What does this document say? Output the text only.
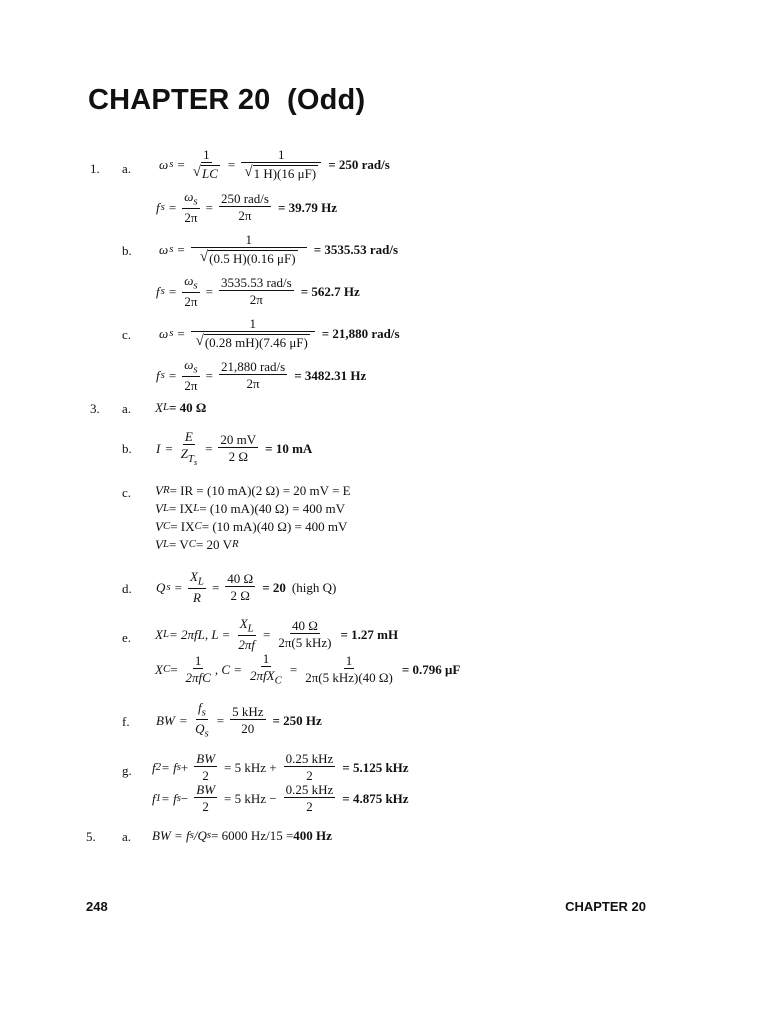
CHAPTER 20  (Odd)
1. a. ω $s = \frac{1}{√ LC} = \frac{1}{√ 1 H)(16 \mu F)} = 250$ rad/s
f $s = \frac{\omega_s}{2\pi} = \frac{\text{250 rad/s}}{2\pi} = 39.79$ Hz
b. ω $s = \frac{1}{√ (0.5 H)(0.16 \mu F)} = 3535.53$ rad/s
f $s = \frac{\omega_s}{2\pi} = \frac{\text{3535.53 rad/s}}{2\pi} = 562.7$ Hz
c. ω $s = \frac{1}{√ (0.28 mH)(7.46 \mu F)} = 21,880$ rad/s
f $s = \frac{\omega_s}{2\pi} = \frac{\text{21,880 rad/s}}{2\pi} = 3482.31$ Hz
3. a. X L = 40 Ω
b. $I = \frac{E}{Z_{T_s}} = \frac{20 mV}{2 \Omega} = 10$ mA
c. V R = IR = (10 mA)(2 Ω) = 20 mV = E
V L = IX L = (10 mA)(40 Ω) = 400 mV
V C = IX C = (10 mA)(40 Ω) = 400 mV
V L = V C = 20 V R
d. Q $s = \frac{X_L}{R} = \frac{40 \Omega}{2 \Omega} = 20$ (high Q)
e. X L = 2πfL, $L = \frac{X_L}{2\pi f} = \frac{40 \Omega}{\text{2π(5 kHz)}} = 1.27$ mH
X $C = \frac{1}{\text{2πfC}}$ , $C = \frac{1}{2\pi fX_C} = \frac{1}{\text{2π(5 kHz)(40 Ω)}} = 0.796$ μF
f. BW = $\frac{f_s}{Q_s} = \frac{\text{5 kHz}}{20} = 250$ Hz
g. f 2 = f $s + \frac{BW}{2} = 5$ kHz + $\frac{\text{0.25 kHz}}{2} = 5.125$ kHz
f 1 = f $s - \frac{BW}{2} = 5$ kHz − $\frac{\text{0.25 kHz}}{2} = 4.875$ kHz
5. a. BW = f s /Q s = 6000 Hz/15 = 400 Hz
248	CHAPTER 20
